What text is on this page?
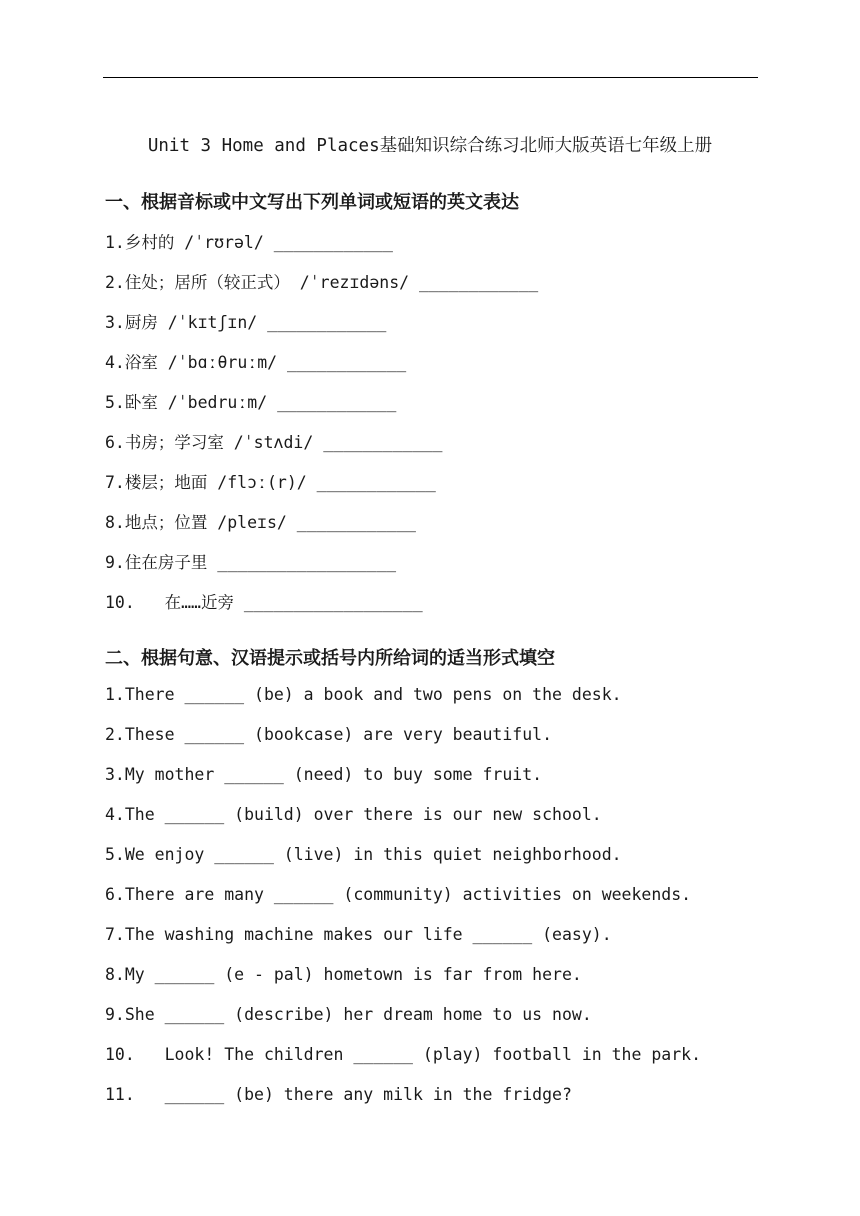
Unit 3 Home and Places基础知识综合练习北师大版英语七年级上册
一、根据音标或中文写出下列单词或短语的英文表达
1.乡村的 /ˈrʊrəl/ ____________
2.住处；居所（较正式） /ˈrezɪdəns/ ____________
3.厨房 /ˈkɪtʃɪn/ ____________
4.浴室 /ˈbɑːθruːm/ ____________
5.卧室 /ˈbedruːm/ ____________
6.书房；学习室 /ˈstʌdi/ ____________
7.楼层；地面 /flɔː(r)/ ____________
8.地点；位置 /pleɪs/ ____________
9.住在房子里 __________________
10.   在……近旁 __________________
二、根据句意、汉语提示或括号内所给词的适当形式填空
1.There ______ (be) a book and two pens on the desk.
2.These ______ (bookcase) are very beautiful.
3.My mother ______ (need) to buy some fruit.
4.The ______ (build) over there is our new school.
5.We enjoy ______ (live) in this quiet neighborhood.
6.There are many ______ (community) activities on weekends.
7.The washing machine makes our life ______ (easy).
8.My ______ (e - pal) hometown is far from here.
9.She ______ (describe) her dream home to us now.
10.   Look! The children ______ (play) football in the park.
11.   ______ (be) there any milk in the fridge?
